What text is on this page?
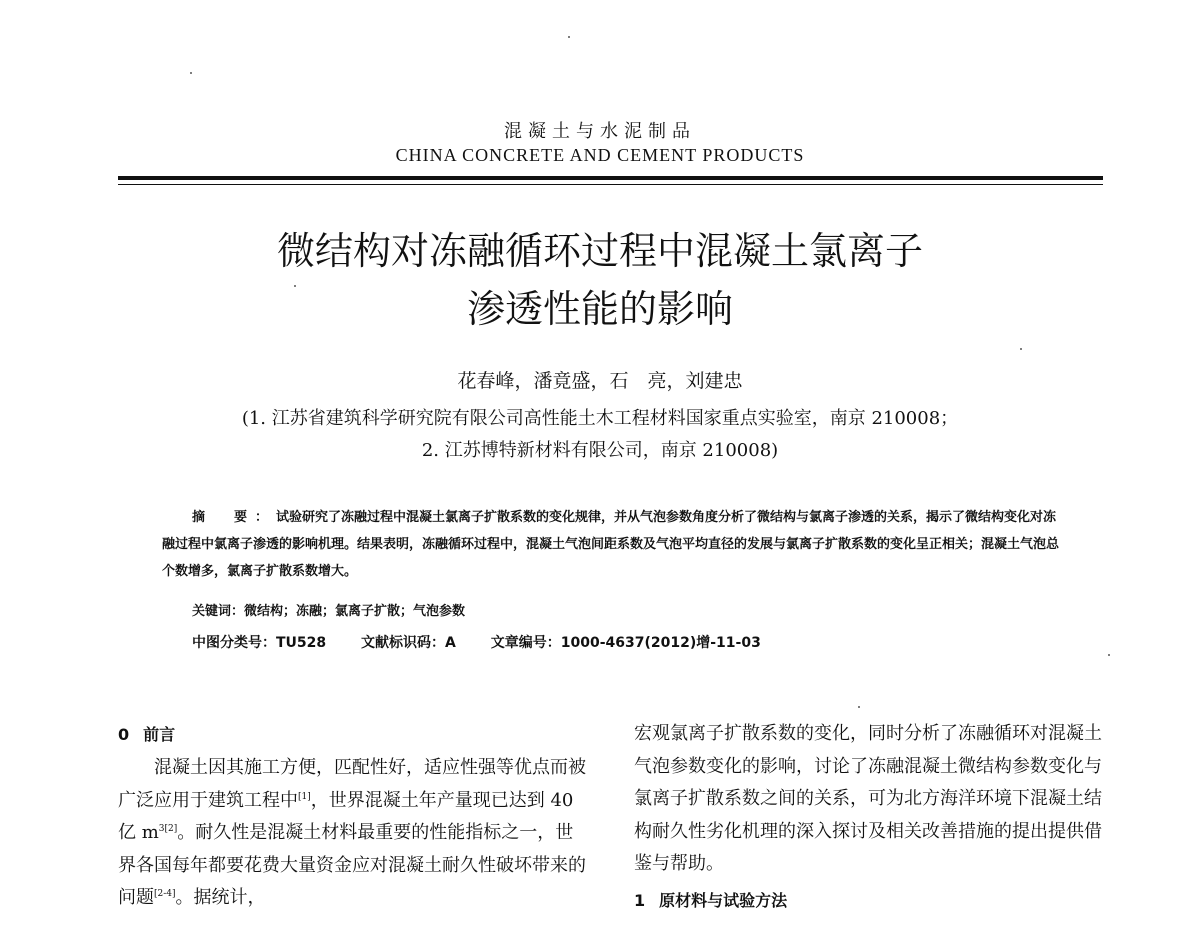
混凝土与水泥制品
CHINA CONCRETE AND CEMENT PRODUCTS
微结构对冻融循环过程中混凝土氯离子
渗透性能的影响
花春峰，潘竟盛，石　亮，刘建忠
(1. 江苏省建筑科学研究院有限公司高性能土木工程材料国家重点实验室，南京 210008；
2. 江苏博特新材料有限公司，南京 210008)
摘　要：试验研究了冻融过程中混凝土氯离子扩散系数的变化规律，并从气泡参数角度分析了微结构与氯离子渗透的关系，揭示了微结构变化对冻融过程中氯离子渗透的影响机理。结果表明，冻融循环过程中，混凝土气泡间距系数及气泡平均直径的发展与氯离子扩散系数的变化呈正相关；混凝土气泡总个数增多，氯离子扩散系数增大。
关键词：微结构；冻融；氯离子扩散；气泡参数
中图分类号：TU528 文献标识码：A 文章编号：1000-4637(2012)增-11-03
0 前言
混凝土因其施工方便，匹配性好，适应性强等优点而被广泛应用于建筑工程中[1]，世界混凝土年产量现已达到 40 亿 $m^{3[2]}$。耐久性是混凝土材料最重要的性能指标之一，世界各国每年都要花费大量资金应对混凝土耐久性破坏带来的问题[2-4]。据统计，
宏观氯离子扩散系数的变化，同时分析了冻融循环对混凝土气泡参数变化的影响，讨论了冻融混凝土微结构参数变化与氯离子扩散系数之间的关系，可为北方海洋环境下混凝土结构耐久性劣化机理的深入探讨及相关改善措施的提出提供借鉴与帮助。
1 原材料与试验方法
